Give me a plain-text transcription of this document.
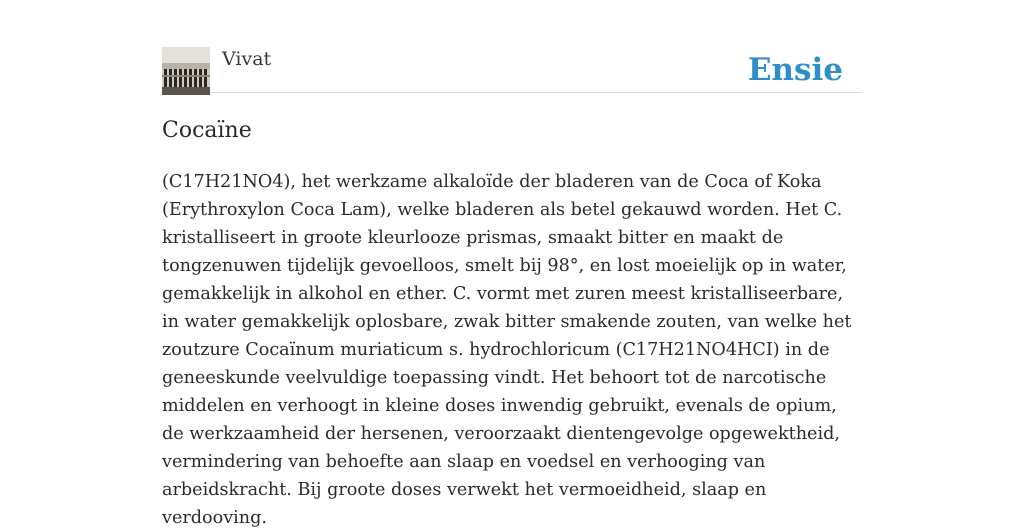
Vivat	Ensie
Cocaïne

(C17H21NO4), het werkzame alkaloïde der bladeren van de Coca of Koka (Erythroxylon Coca Lam), welke bladeren als betel gekauwd worden. Het C. kristalliseert in groote kleurlooze prismas, smaakt bitter en maakt de tongzenuwen tijdelijk gevoelloos, smelt bij 98°, en lost moeielijk op in water, gemakkelijk in alkohol en ether. C. vormt met zuren meest kristalliseerbare, in water gemakkelijk oplosbare, zwak bitter smakende zouten, van welke het zoutzure Cocaïnum muriaticum s. hydrochloricum (C17H21NO4HCI) in de geneeskunde veelvuldige toepassing vindt. Het behoort tot de narcotische middelen en verhoogt in kleine doses inwendig gebruikt, evenals de opium, de werkzaamheid der hersenen, veroorzaakt dientengevolge opgewektheid, vermindering van behoefte aan slaap en voedsel en verhooging van arbeidskracht. Bij groote doses verwekt het vermoeidheid, slaap en verdooving.
